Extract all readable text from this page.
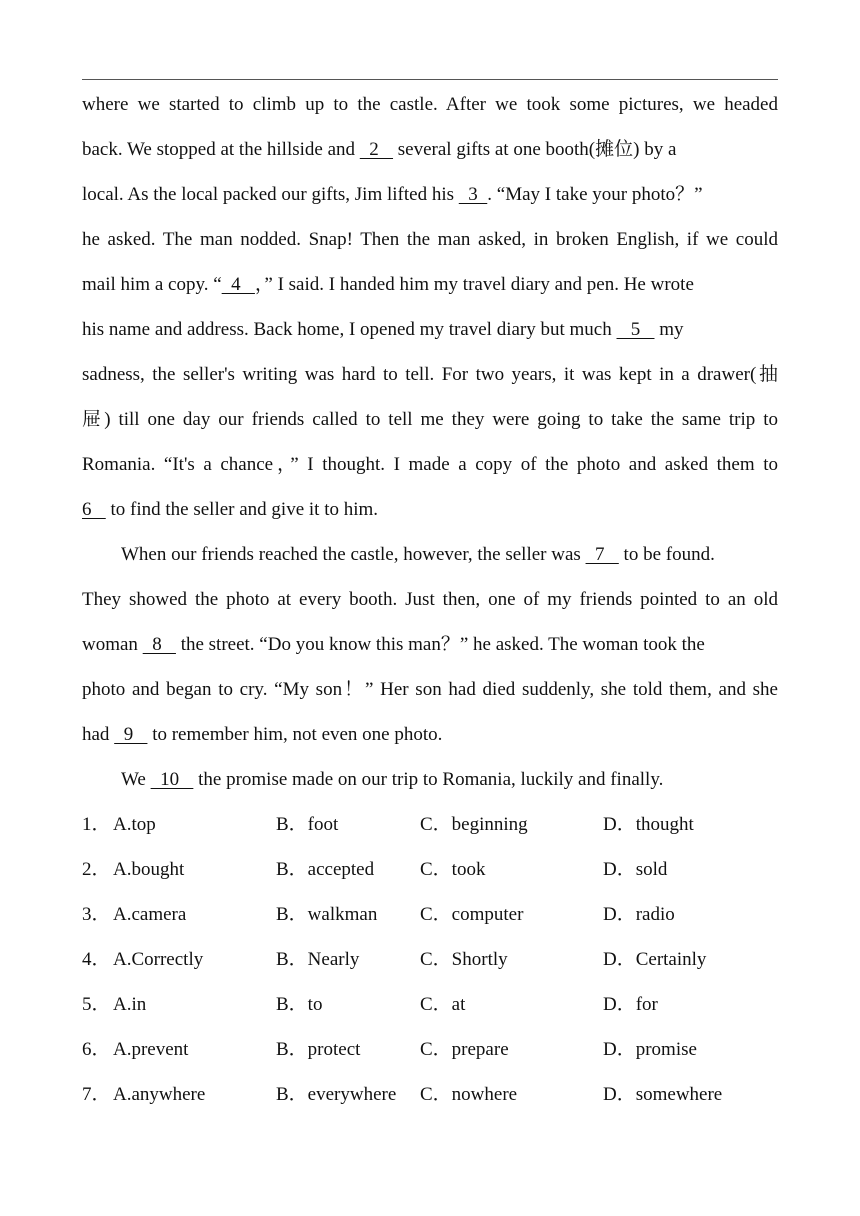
where we started to climb up to the castle. After we took some pictures, we headed
back. We stopped at the hillside and   2    several gifts at one booth(摊位) by a
local. As the local packed our gifts, Jim lifted his   3  . “May I take your photo？”
he asked. The man nodded. Snap! Then the man asked, in broken English, if we could
mail him a copy. “  4   ，” I said. I handed him my travel diary and pen. He wrote
his name and address. Back home, I opened my travel diary but much    5    my
sadness, the seller's writing was hard to tell. For two years, it was kept in a drawer(抽
屉) till one day our friends called to tell me they were going to take the same trip to
Romania. “It's a chance，” I thought. I made a copy of the photo and asked them to
6    to find the seller and give it to him.
When our friends reached the castle, however, the seller was   7    to be found.
They showed the photo at every booth. Just then, one of my friends pointed to an old
woman   8    the street. “Do you know this man？” he asked. The woman took the
photo and began to cry. “My son！” Her son had died suddenly, she told them, and she
had   9    to remember him, not even one photo.
We   10    the promise made on our trip to Romania, luckily and finally.
1． A.top	B．foot	C．beginning	D．thought
2． A.bought	B．accepted C．took	D．sold
3． A.camera	B．walkman C．computer	D．radio
4． A.Correctly	B．Nearly	C．Shortly	D．Certainly
5． A.in	B．to	C．at	D．for
6． A.prevent	B．protect	C．prepare	D．promise
7． A.anywhere	B．everywhere C．nowhere	D．somewhere
